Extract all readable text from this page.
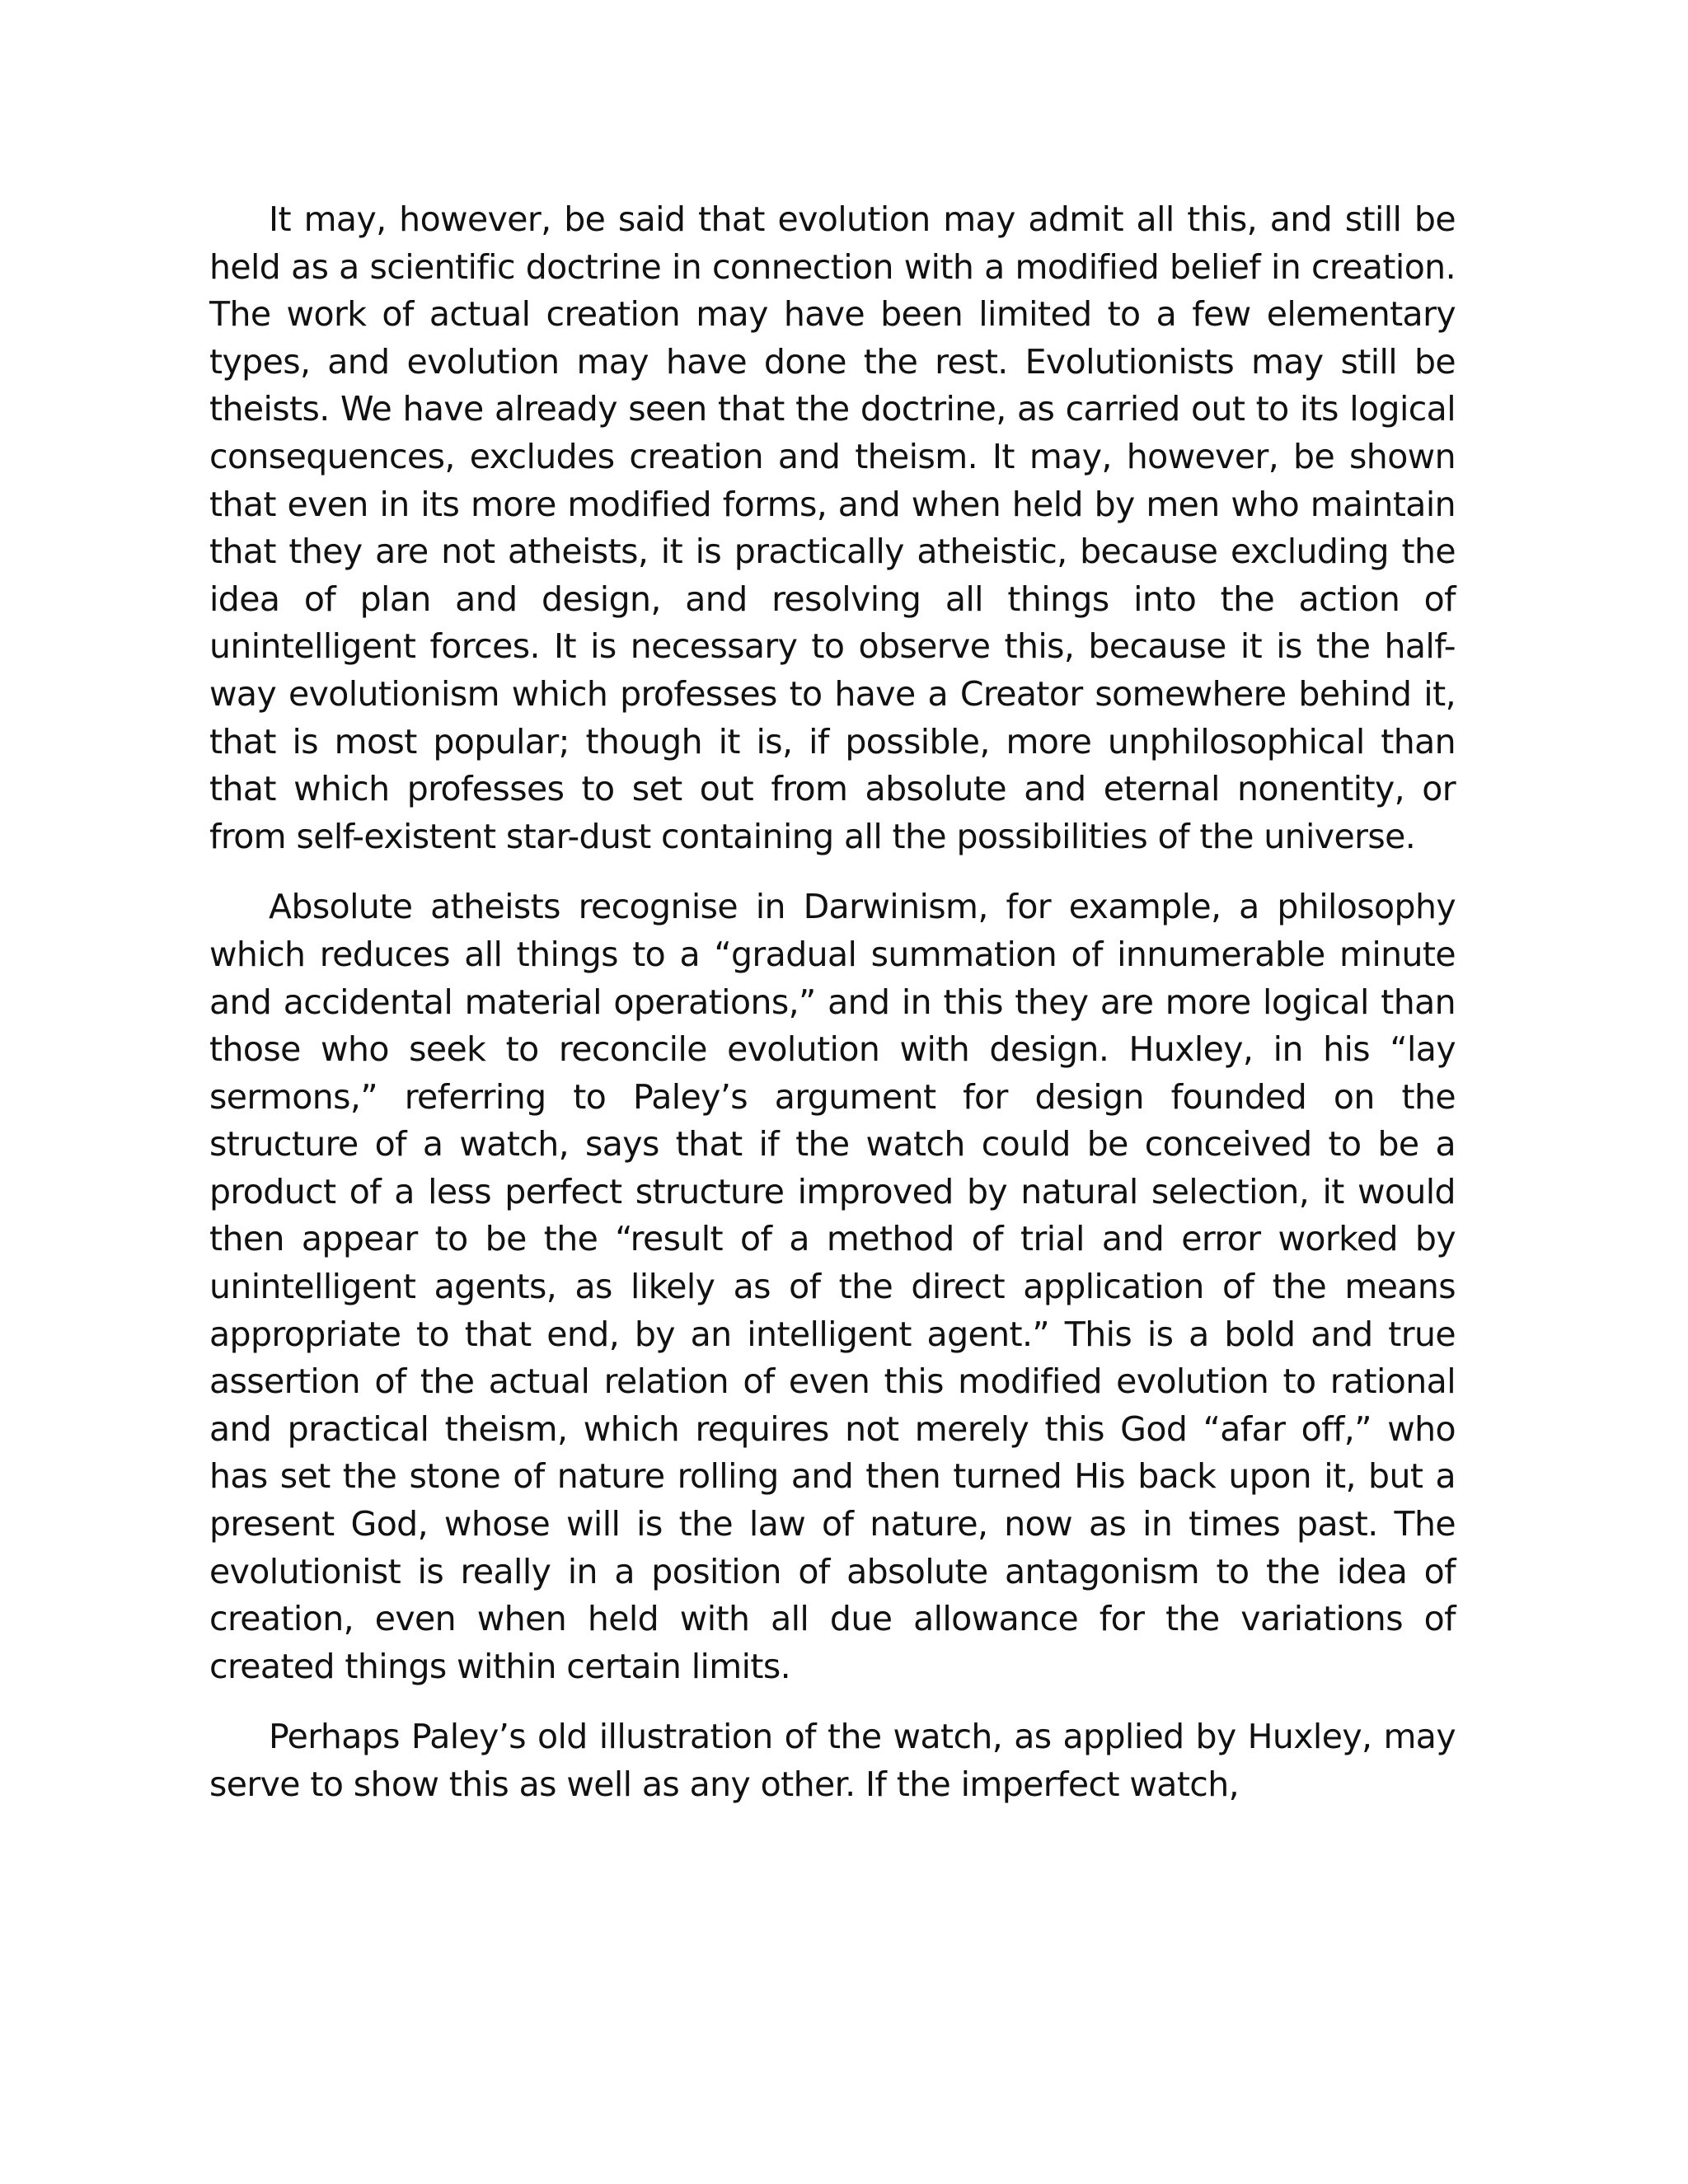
It may, however, be said that evolution may admit all this, and still be held as a scientific doctrine in connection with a modified belief in creation. The work of actual creation may have been limited to a few elementary types, and evolution may have done the rest. Evolutionists may still be theists. We have already seen that the doctrine, as carried out to its logical consequences, excludes creation and theism. It may, however, be shown that even in its more modified forms, and when held by men who maintain that they are not atheists, it is practically atheistic, because excluding the idea of plan and design, and resolving all things into the action of unintelligent forces. It is necessary to observe this, because it is the half-way evolutionism which professes to have a Creator somewhere behind it, that is most popular; though it is, if possible, more unphilosophical than that which professes to set out from absolute and eternal nonentity, or from self-existent star-dust containing all the possibilities of the universe.

Absolute atheists recognise in Darwinism, for example, a philosophy which reduces all things to a “gradual summation of innumerable minute and accidental material operations,” and in this they are more logical than those who seek to reconcile evolution with design. Huxley, in his “lay sermons,” referring to Paley’s argument for design founded on the structure of a watch, says that if the watch could be conceived to be a product of a less perfect structure improved by natural selection, it would then appear to be the “result of a method of trial and error worked by unintelligent agents, as likely as of the direct application of the means appropriate to that end, by an intelligent agent.” This is a bold and true assertion of the actual relation of even this modified evolution to rational and practical theism, which requires not merely this God “afar off,” who has set the stone of nature rolling and then turned His back upon it, but a present God, whose will is the law of nature, now as in times past. The evolutionist is really in a position of absolute antagonism to the idea of creation, even when held with all due allowance for the variations of created things within certain limits.

Perhaps Paley’s old illustration of the watch, as applied by Huxley, may serve to show this as well as any other. If the imperfect watch,
